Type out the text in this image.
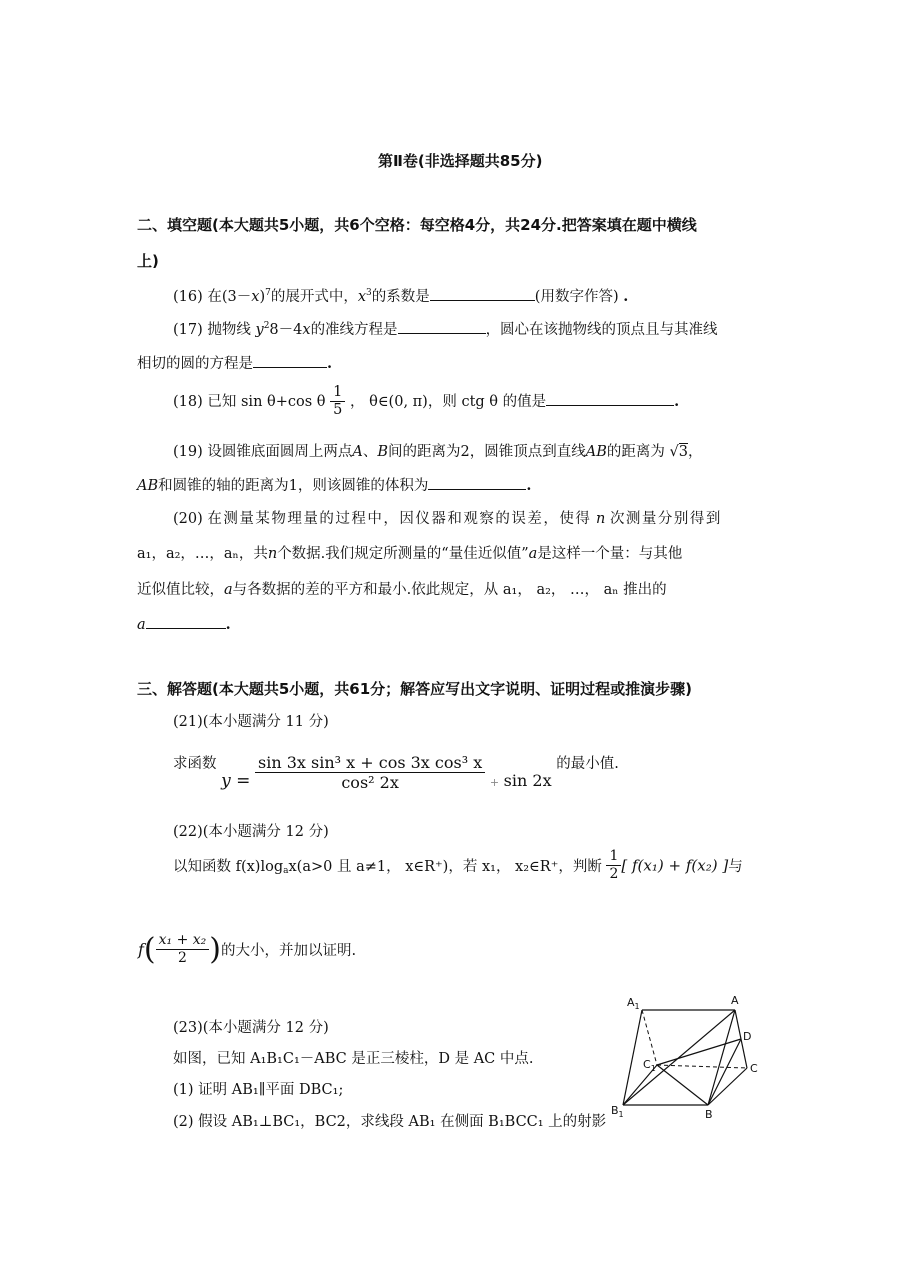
第Ⅱ卷(非选择题共85分)
二、填空题(本大题共5小题，共6个空格：每空格4分，共24分.把答案填在题中横线
上)
(16) 在$(3-x)^7$的展开式中，$x^3$的系数是	(用数字作答) .
(17) 抛物线 $y^28-4x$的准线方程是	，圆心在该抛物线的顶点且与其准线
相切的圆的方程是	.
(18) 已知 sin θ+cos θ $\frac{1}{5}$ ， θ∈(0, π)，则 ctg θ 的值是	.
(19) 设圆锥底面圆周上两点A、B间的距离为2，圆锥顶点到直线AB的距离为 √3，
AB和圆锥的轴的距离为1，则该圆锥的体积为	.
(20) 在测量某物理量的过程中，因仪器和观察的误差，使得 n 次测量分别得到
a₁，a₂，…，aₙ，共n个数据.我们规定所测量的“量佳近似值”a是这样一个量：与其他
近似值比较，a与各数据的差的平方和最小.依此规定，从 a₁， a₂， …， aₙ 推出的
a	.
三、解答题(本大题共5小题，共61分；解答应写出文字说明、证明过程或推演步骤)
(21)(本小题满分 11 分)
求函数 $y = \frac{\text{sin 3x sin³ x + cos 3x cos³ x}}{\text{cos² 2x}} _+$ sin 2x 的最小值.
(22)(本小题满分 12 分)
以知函数 $f(x)\log_ax(a>0$ 且 a≠1， x∈R⁺)，若 x₁， x₂∈R⁺，判断 $\frac{1}{2}$ [ f(x₁) + f(x₂) ]与
$f( \frac{\text{x₁ + x₂}}{2}$ )的大小，并加以证明.
(23)(本小题满分 12 分)
如图，已知 A₁B₁C₁－ABC 是正三棱柱，D 是 AC 中点.
(1) 证明 AB₁∥平面 DBC₁;
(2) 假设 AB₁⊥BC₁，BC2，求线段 AB₁ 在侧面 B₁BCC₁ 上的射影
$A_1$	A
D
$C_1$	C
$B_1$	B
